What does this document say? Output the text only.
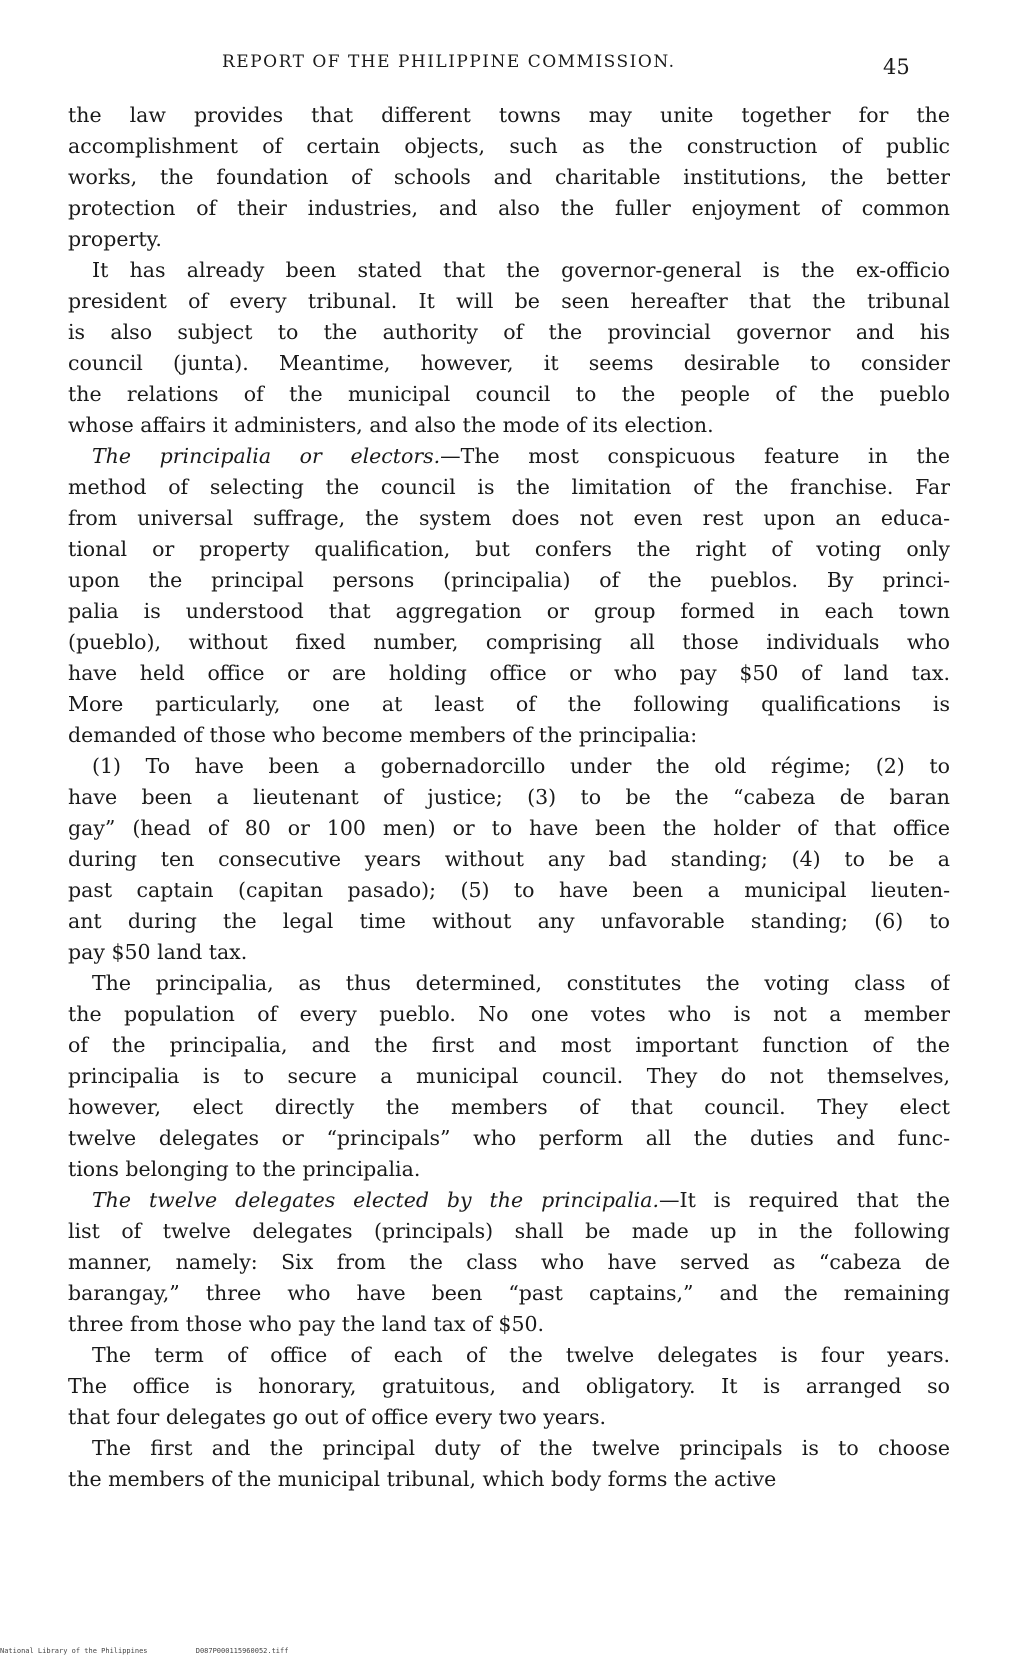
REPORT OF THE PHILIPPINE COMMISSION.	45
the law provides that different towns may unite together for the
accomplishment of certain objects, such as the construction of public
works, the foundation of schools and charitable institutions, the better
protection of their industries, and also the fuller enjoyment of common
property.
It has already been stated that the governor-general is the ex-officio
president of every tribunal. It will be seen hereafter that the tribunal
is also subject to the authority of the provincial governor and his
council (junta). Meantime, however, it seems desirable to consider
the relations of the municipal council to the people of the pueblo
whose affairs it administers, and also the mode of its election.
The principalia or electors.—The most conspicuous feature in the
method of selecting the council is the limitation of the franchise. Far
from universal suffrage, the system does not even rest upon an educa-
tional or property qualification, but confers the right of voting only
upon the principal persons (principalia) of the pueblos. By princi-
palia is understood that aggregation or group formed in each town
(pueblo), without fixed number, comprising all those individuals who
have held office or are holding office or who pay $50 of land tax.
More particularly, one at least of the following qualifications is
demanded of those who become members of the principalia:
(1) To have been a gobernadorcillo under the old régime; (2) to
have been a lieutenant of justice; (3) to be the “cabeza de baran
gay” (head of 80 or 100 men) or to have been the holder of that office
during ten consecutive years without any bad standing; (4) to be a
past captain (capitan pasado); (5) to have been a municipal lieuten-
ant during the legal time without any unfavorable standing; (6) to
pay $50 land tax.
The principalia, as thus determined, constitutes the voting class of
the population of every pueblo. No one votes who is not a member
of the principalia, and the first and most important function of the
principalia is to secure a municipal council. They do not themselves,
however, elect directly the members of that council. They elect
twelve delegates or “principals” who perform all the duties and func-
tions belonging to the principalia.
The twelve delegates elected by the principalia.—It is required that the
list of twelve delegates (principals) shall be made up in the following
manner, namely: Six from the class who have served as “cabeza de
barangay,” three who have been “past captains,” and the remaining
three from those who pay the land tax of $50.
The term of office of each of the twelve delegates is four years.
The office is honorary, gratuitous, and obligatory. It is arranged so
that four delegates go out of office every two years.
The first and the principal duty of the twelve principals is to choose
the members of the municipal tribunal, which body forms the active
National Library of the Philippines	D087P000115960052.tiff
